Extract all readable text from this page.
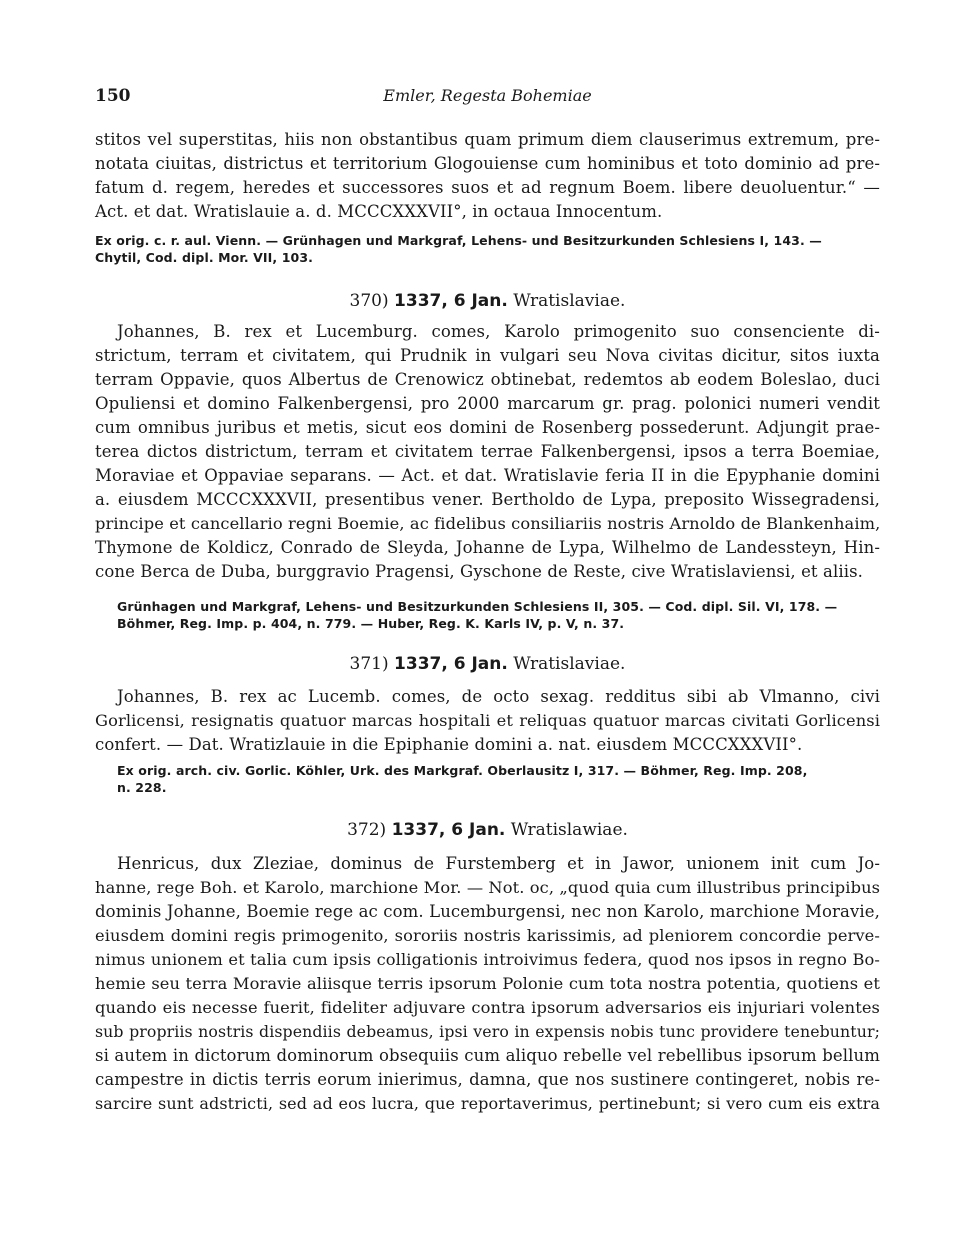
150	Emler, Regesta Bohemiae
stitos vel superstitas, hiis non obstantibus quam primum diem clauserimus extremum, pre-
notata ciuitas, districtus et territorium Glogouiense cum hominibus et toto dominio ad pre-
fatum d. regem, heredes et successores suos et ad regnum Boem. libere deuoluentur.“ —
Act. et dat. Wratislauie a. d. MCCCXXXVII°, in octaua Innocentum.
Ex orig. c. r. aul. Vienn. — Grünhagen und Markgraf, Lehens- und Besitzurkunden Schlesiens I, 143. —
Chytil, Cod. dipl. Mor. VII, 103.
370) 1337, 6 Jan. Wratislaviae.
Johannes, B. rex et Lucemburg. comes, Karolo primogenito suo consenciente di-
strictum, terram et civitatem, qui Prudnik in vulgari seu Nova civitas dicitur, sitos iuxta
terram Oppavie, quos Albertus de Crenowicz obtinebat, redemtos ab eodem Boleslao, duci
Opuliensi et domino Falkenbergensi, pro 2000 marcarum gr. prag. polonici numeri vendit
cum omnibus juribus et metis, sicut eos domini de Rosenberg possederunt. Adjungit prae-
terea dictos districtum, terram et civitatem terrae Falkenbergensi, ipsos a terra Boemiae,
Moraviae et Oppaviae separans. — Act. et dat. Wratislavie feria II in die Epyphanie domini
a. eiusdem MCCCXXXVII, presentibus vener. Bertholdo de Lypa, preposito Wissegradensi,
principe et cancellario regni Boemie, ac fidelibus consiliariis nostris Arnoldo de Blankenhaim,
Thymone de Koldicz, Conrado de Sleyda, Johanne de Lypa, Wilhelmo de Landessteyn, Hin-
cone Berca de Duba, burggravio Pragensi, Gyschone de Reste, cive Wratislaviensi, et aliis.
Grünhagen und Markgraf, Lehens- und Besitzurkunden Schlesiens II, 305. — Cod. dipl. Sil. VI, 178. —
Böhmer, Reg. Imp. p. 404, n. 779. — Huber, Reg. K. Karls IV, p. V, n. 37.
371) 1337, 6 Jan. Wratislaviae.
Johannes, B. rex ac Lucemb. comes, de octo sexag. redditus sibi ab Vlmanno, civi
Gorlicensi, resignatis quatuor marcas hospitali et reliquas quatuor marcas civitati Gorlicensi
confert. — Dat. Wratizlauie in die Epiphanie domini a. nat. eiusdem MCCCXXXVII°.
Ex orig. arch. civ. Gorlic. Köhler, Urk. des Markgraf. Oberlausitz I, 317. — Böhmer, Reg. Imp. 208,
n. 228.
372) 1337, 6 Jan. Wratislawiae.
Henricus, dux Zleziae, dominus de Furstemberg et in Jawor, unionem init cum Jo-
hanne, rege Boh. et Karolo, marchione Mor. — Not. oc, „quod quia cum illustribus principibus
dominis Johanne, Boemie rege ac com. Lucemburgensi, nec non Karolo, marchione Moravie,
eiusdem domini regis primogenito, sororiis nostris karissimis, ad pleniorem concordie perve-
nimus unionem et talia cum ipsis colligationis introivimus federa, quod nos ipsos in regno Bo-
hemie seu terra Moravie aliisque terris ipsorum Polonie cum tota nostra potentia, quotiens et
quando eis necesse fuerit, fideliter adjuvare contra ipsorum adversarios eis injuriari volentes
sub propriis nostris dispendiis debeamus, ipsi vero in expensis nobis tunc providere tenebuntur;
si autem in dictorum dominorum obsequiis cum aliquo rebelle vel rebellibus ipsorum bellum
campestre in dictis terris eorum inierimus, damna, que nos sustinere contingeret, nobis re-
sarcire sunt adstricti, sed ad eos lucra, que reportaverimus, pertinebunt; si vero cum eis extra
